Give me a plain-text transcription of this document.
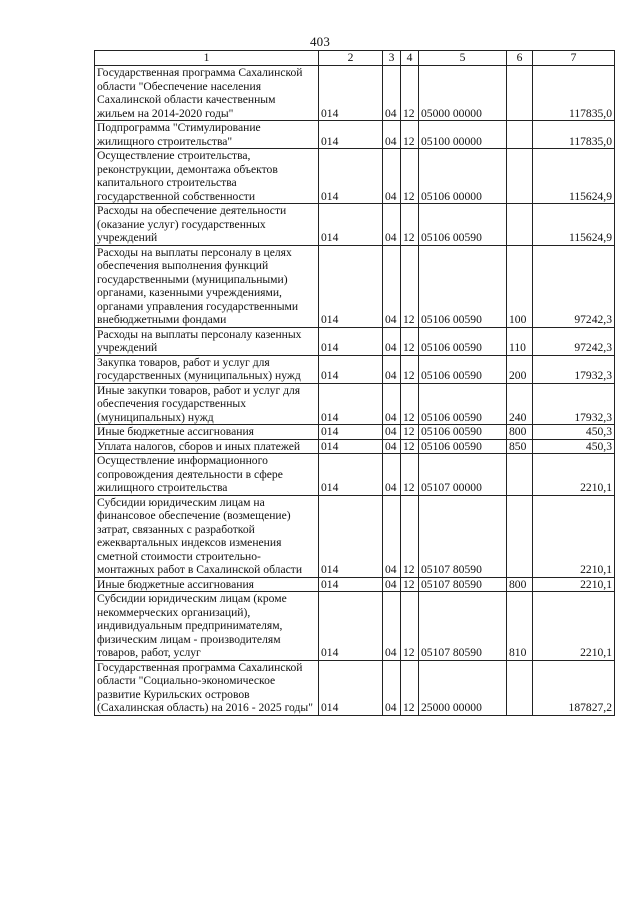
403
1	2	3	4	5	6	7
Государственная программа Сахалинской области "Обеспечение населения Сахалинской области качественным жильем на 2014-2020 годы"	014	04	12	05000 00000		117835,0
Подпрограмма "Стимулирование жилищного строительства"	014	04	12	05100 00000		117835,0
Осуществление строительства, реконструкции, демонтажа объектов капитального строительства государственной собственности	014	04	12	05106 00000		115624,9
Расходы на обеспечение деятельности (оказание услуг) государственных учреждений	014	04	12	05106 00590		115624,9
Расходы на выплаты персоналу в целях обеспечения выполнения функций государственными (муниципальными) органами, казенными учреждениями, органами управления государственными внебюджетными фондами	014	04	12	05106 00590	100	97242,3
Расходы на выплаты персоналу казенных учреждений	014	04	12	05106 00590	110	97242,3
Закупка товаров, работ и услуг для государственных (муниципальных) нужд	014	04	12	05106 00590	200	17932,3
Иные закупки товаров, работ и услуг для обеспечения государственных (муниципальных) нужд	014	04	12	05106 00590	240	17932,3
Иные бюджетные ассигнования	014	04	12	05106 00590	800	450,3
Уплата налогов, сборов и иных платежей	014	04	12	05106 00590	850	450,3
Осуществление информационного сопровождения деятельности в сфере жилищного строительства	014	04	12	05107 00000		2210,1
Субсидии юридическим лицам на финансовое обеспечение (возмещение) затрат, связанных с разработкой ежеквартальных индексов изменения сметной стоимости строительно-монтажных работ в Сахалинской области	014	04	12	05107 80590		2210,1
Иные бюджетные ассигнования	014	04	12	05107 80590	800	2210,1
Субсидии юридическим лицам (кроме некоммерческих организаций), индивидуальным предпринимателям, физическим лицам - производителям товаров, работ, услуг	014	04	12	05107 80590	810	2210,1
Государственная программа Сахалинской области "Социально-экономическое развитие Курильских островов (Сахалинская область) на 2016 - 2025 годы"	014	04	12	25000 00000		187827,2
